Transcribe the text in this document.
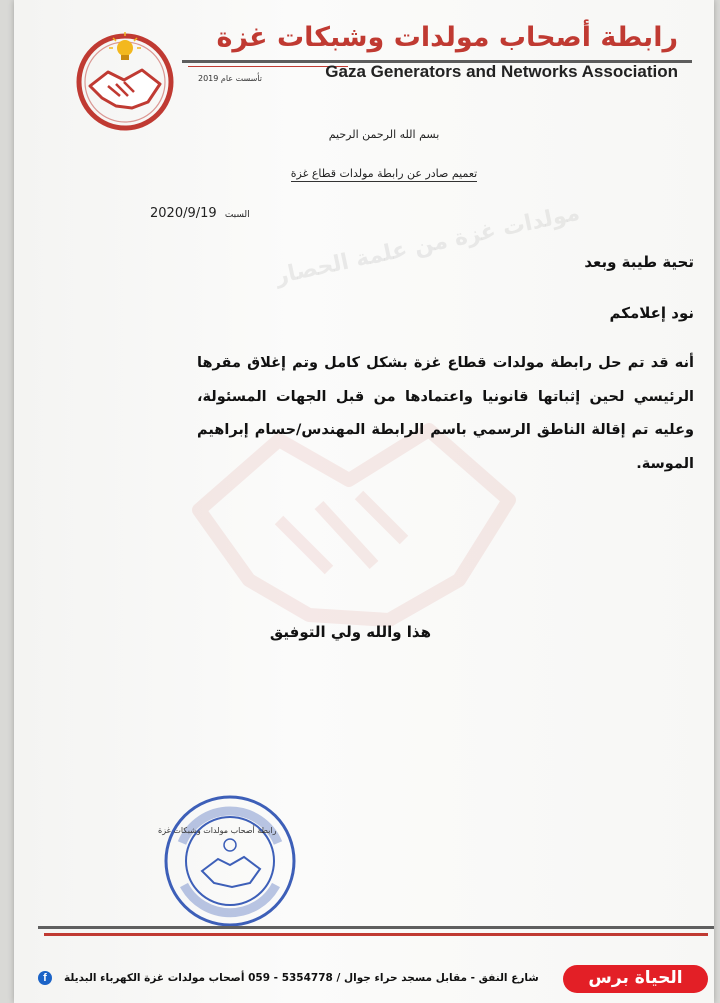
رابطة أصحاب مولدات وشبكات غزة
تأسست عام 2019	Gaza Generators and Networks Association
مولدات غزة من علمة الحصار
بسم الله الرحمن الرحيم
تعميم صادر عن رابطة مولدات قطاع غزة
2020/9/19 السبت
تحية طيبة وبعد
نود إعلامكم
أنه قد تم حل رابطة مولدات قطاع غزة بشكل كامل وتم إغلاق مقرها الرئيسي لحين إثباتها قانونيا واعتمادها من قبل الجهات المسئولة، وعليه تم إقالة الناطق الرسمي باسم الرابطة المهندس/حسام إبراهيم الموسة.
هذا والله ولي التوفيق
رابطة أصحاب مولدات وشبكات غزة
f	شارع النفق - مقابل مسجد حراء جوال / 5354778 - 059 أصحاب مولدات غزة الكهرباء البديلة	الحياة برس
